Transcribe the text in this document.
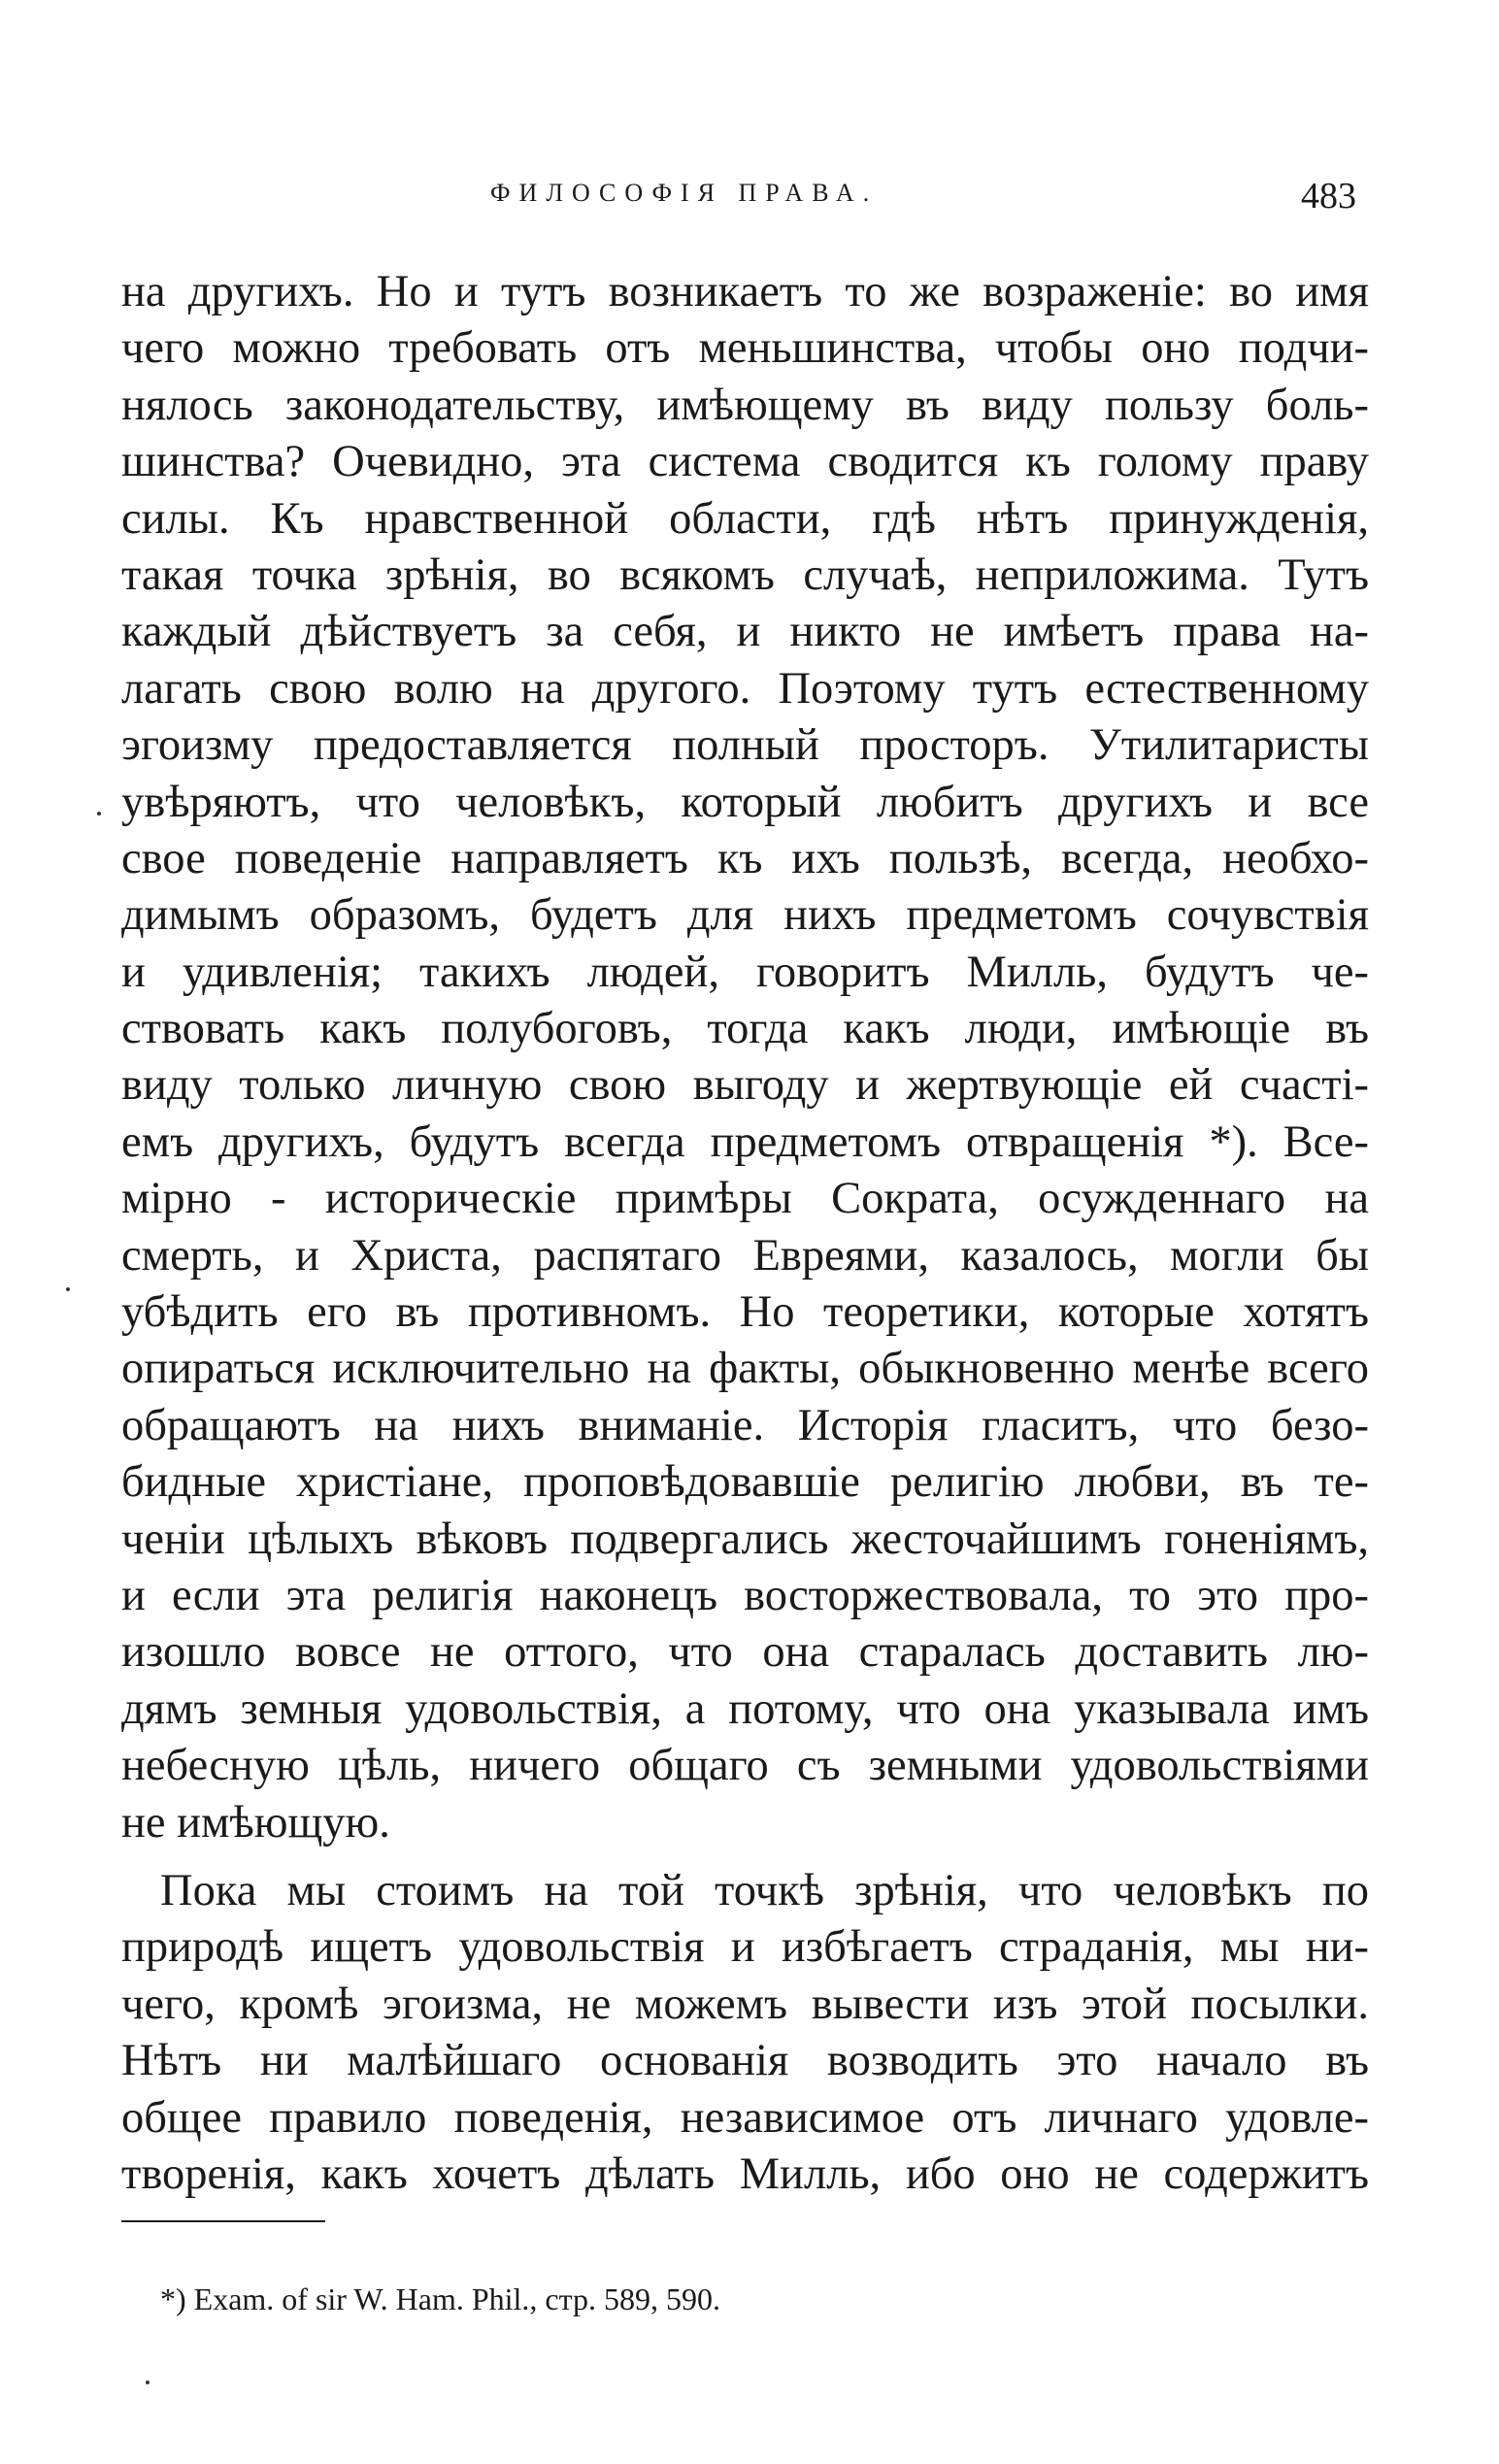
ФИЛОСОФІЯ ПРАВА.	483
на другихъ. Но и тутъ возникаетъ то же возраженіе: во имя
чего можно требовать отъ меньшинства, чтобы оно подчи-
нялось законодательству, имѣющему въ виду пользу боль-
шинства? Очевидно, эта система сводится къ голому праву
силы. Къ нравственной области, гдѣ нѣтъ принужденія,
такая точка зрѣнія, во всякомъ случаѣ, неприложима. Тутъ
каждый дѣйствуетъ за себя, и никто не имѣетъ права на-
лагать свою волю на другого. Поэтому тутъ естественному
эгоизму предоставляется полный просторъ. Утилитаристы
увѣряютъ, что человѣкъ, который любитъ другихъ и все
свое поведеніе направляетъ къ ихъ пользѣ, всегда, необхо-
димымъ образомъ, будетъ для нихъ предметомъ сочувствія
и удивленія; такихъ людей, говоритъ Милль, будутъ че-
ствовать какъ полубоговъ, тогда какъ люди, имѣющіе въ
виду только личную свою выгоду и жертвующіе ей счасті-
емъ другихъ, будутъ всегда предметомъ отвращенія *). Все-
мірно - историческіе примѣры Сократа, осужденнаго на
смерть, и Христа, распятаго Евреями, казалось, могли бы
убѣдить его въ противномъ. Но теоретики, которые хотятъ
опираться исключительно на факты, обыкновенно менѣе всего
обращаютъ на нихъ вниманіе. Исторія гласитъ, что безо-
бидные христіане, проповѣдовавшіе религію любви, въ те-
ченіи цѣлыхъ вѣковъ подвергались жесточайшимъ гоненіямъ,
и если эта религія наконецъ восторжествовала, то это про-
изошло вовсе не оттого, что она старалась доставить лю-
дямъ земныя удовольствія, а потому, что она указывала имъ
небесную цѣль, ничего общаго съ земными удовольствіями
не имѣющую.
Пока мы стоимъ на той точкѣ зрѣнія, что человѣкъ по
природѣ ищетъ удовольствія и избѣгаетъ страданія, мы ни-
чего, кромѣ эгоизма, не можемъ вывести изъ этой посылки.
Нѣтъ ни малѣйшаго основанія возводить это начало въ
общее правило поведенія, независимое отъ личнаго удовле-
творенія, какъ хочетъ дѣлать Милль, ибо оно не содержитъ
*) Exam. of sir W. Ham. Phil., стр. 589, 590.
